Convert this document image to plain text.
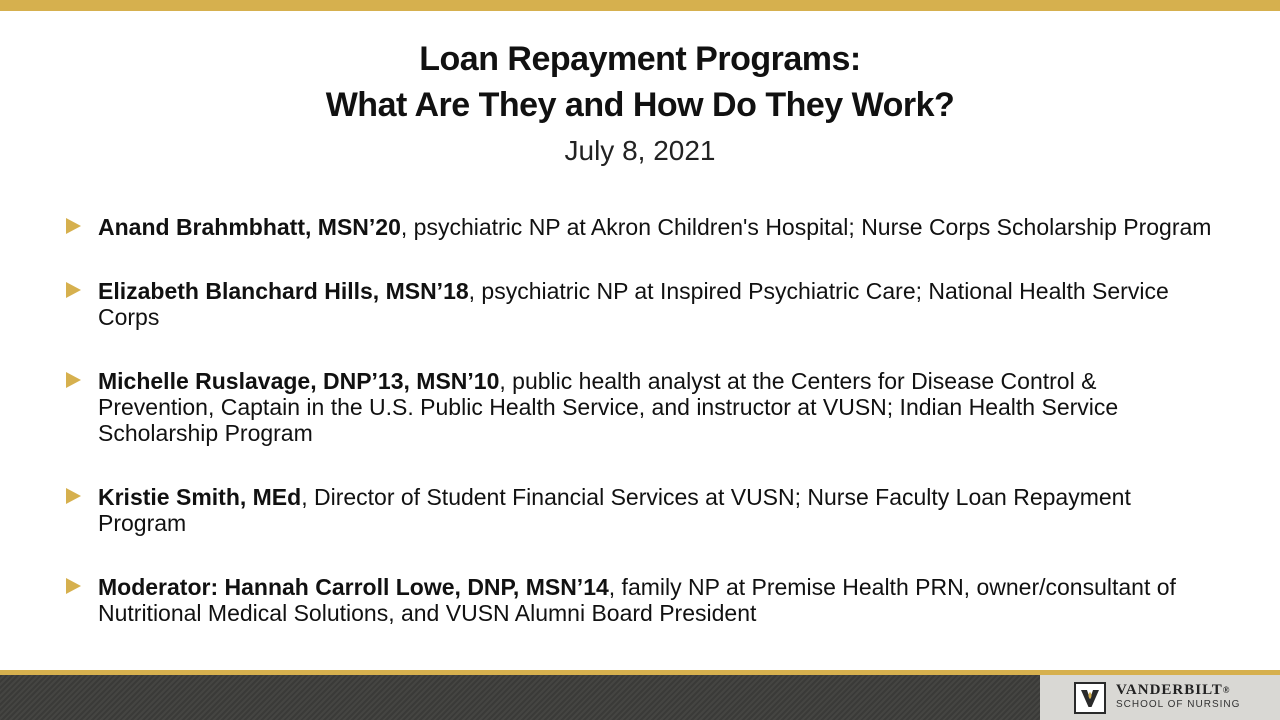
Loan Repayment Programs:
What Are They and How Do They Work?
July 8, 2021
Anand Brahmbhatt, MSN’20, psychiatric NP at Akron Children's Hospital; Nurse Corps Scholarship Program
Elizabeth Blanchard Hills, MSN’18, psychiatric NP at Inspired Psychiatric Care; National Health Service Corps
Michelle Ruslavage, DNP’13, MSN’10, public health analyst at the Centers for Disease Control & Prevention, Captain in the U.S. Public Health Service, and instructor at VUSN; Indian Health Service Scholarship Program
Kristie Smith, MEd, Director of Student Financial Services at VUSN; Nurse Faculty Loan Repayment Program
Moderator: Hannah Carroll Lowe, DNP, MSN’14, family NP at Premise Health PRN, owner/consultant of Nutritional Medical Solutions, and VUSN Alumni Board President
VANDERBILT®
SCHOOL OF NURSING
